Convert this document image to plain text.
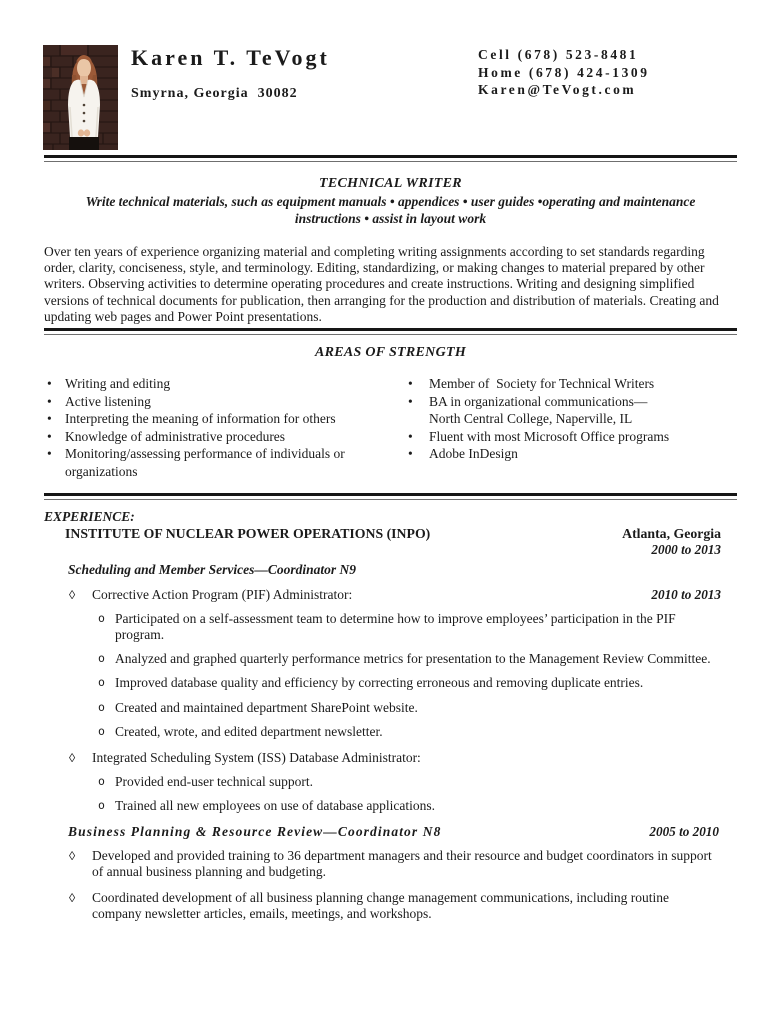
Karen T. TeVogt
Smyrna, Georgia  30082
Cell (678) 523-8481
Home (678) 424-1309
Karen@TeVogt.com
TECHNICAL WRITER
Write technical materials, such as equipment manuals • appendices • user guides •operating and maintenance instructions • assist in layout work

Over ten years of experience organizing material and completing writing assignments according to set standards regarding order, clarity, conciseness, style, and terminology. Editing, standardizing, or making changes to material prepared by other writers. Observing activities to determine operating procedures and create instructions. Writing and designing simplified versions of technical documents for publication, then arranging for the production and distribution of materials. Creating and updating web pages and Power Point presentations.

AREAS OF STRENGTH
• Writing and editing
• Active listening
• Interpreting the meaning of information for others
• Knowledge of administrative procedures
• Monitoring/assessing performance of individuals or organizations
•	Member of  Society for Technical Writers
•	BA in organizational communications—
North Central College, Naperville, IL
•	Fluent with most Microsoft Office programs
•	Adobe InDesign
EXPERIENCE:
INSTITUTE OF NUCLEAR POWER OPERATIONS (INPO)	Atlanta, Georgia
2000 to 2013
Scheduling and Member Services—Coordinator N9
◊	Corrective Action Program (PIF) Administrator:	2010 to 2013
o Participated on a self-assessment team to determine how to improve employees’ participation in the PIF program.
o Analyzed and graphed quarterly performance metrics for presentation to the Management Review Committee.
o Improved database quality and efficiency by correcting erroneous and removing duplicate entries.
o Created and maintained department SharePoint website.
o Created, wrote, and edited department newsletter.
◊	Integrated Scheduling System (ISS) Database Administrator:
o Provided end-user technical support.
o Trained all new employees on use of database applications.
Business Planning & Resource Review—Coordinator N8	2005 to 2010
◊	Developed and provided training to 36 department managers and their resource and budget coordinators in support of annual business planning and budgeting.
◊	Coordinated development of all business planning change management communications, including routine company newsletter articles, emails, meetings, and workshops.
